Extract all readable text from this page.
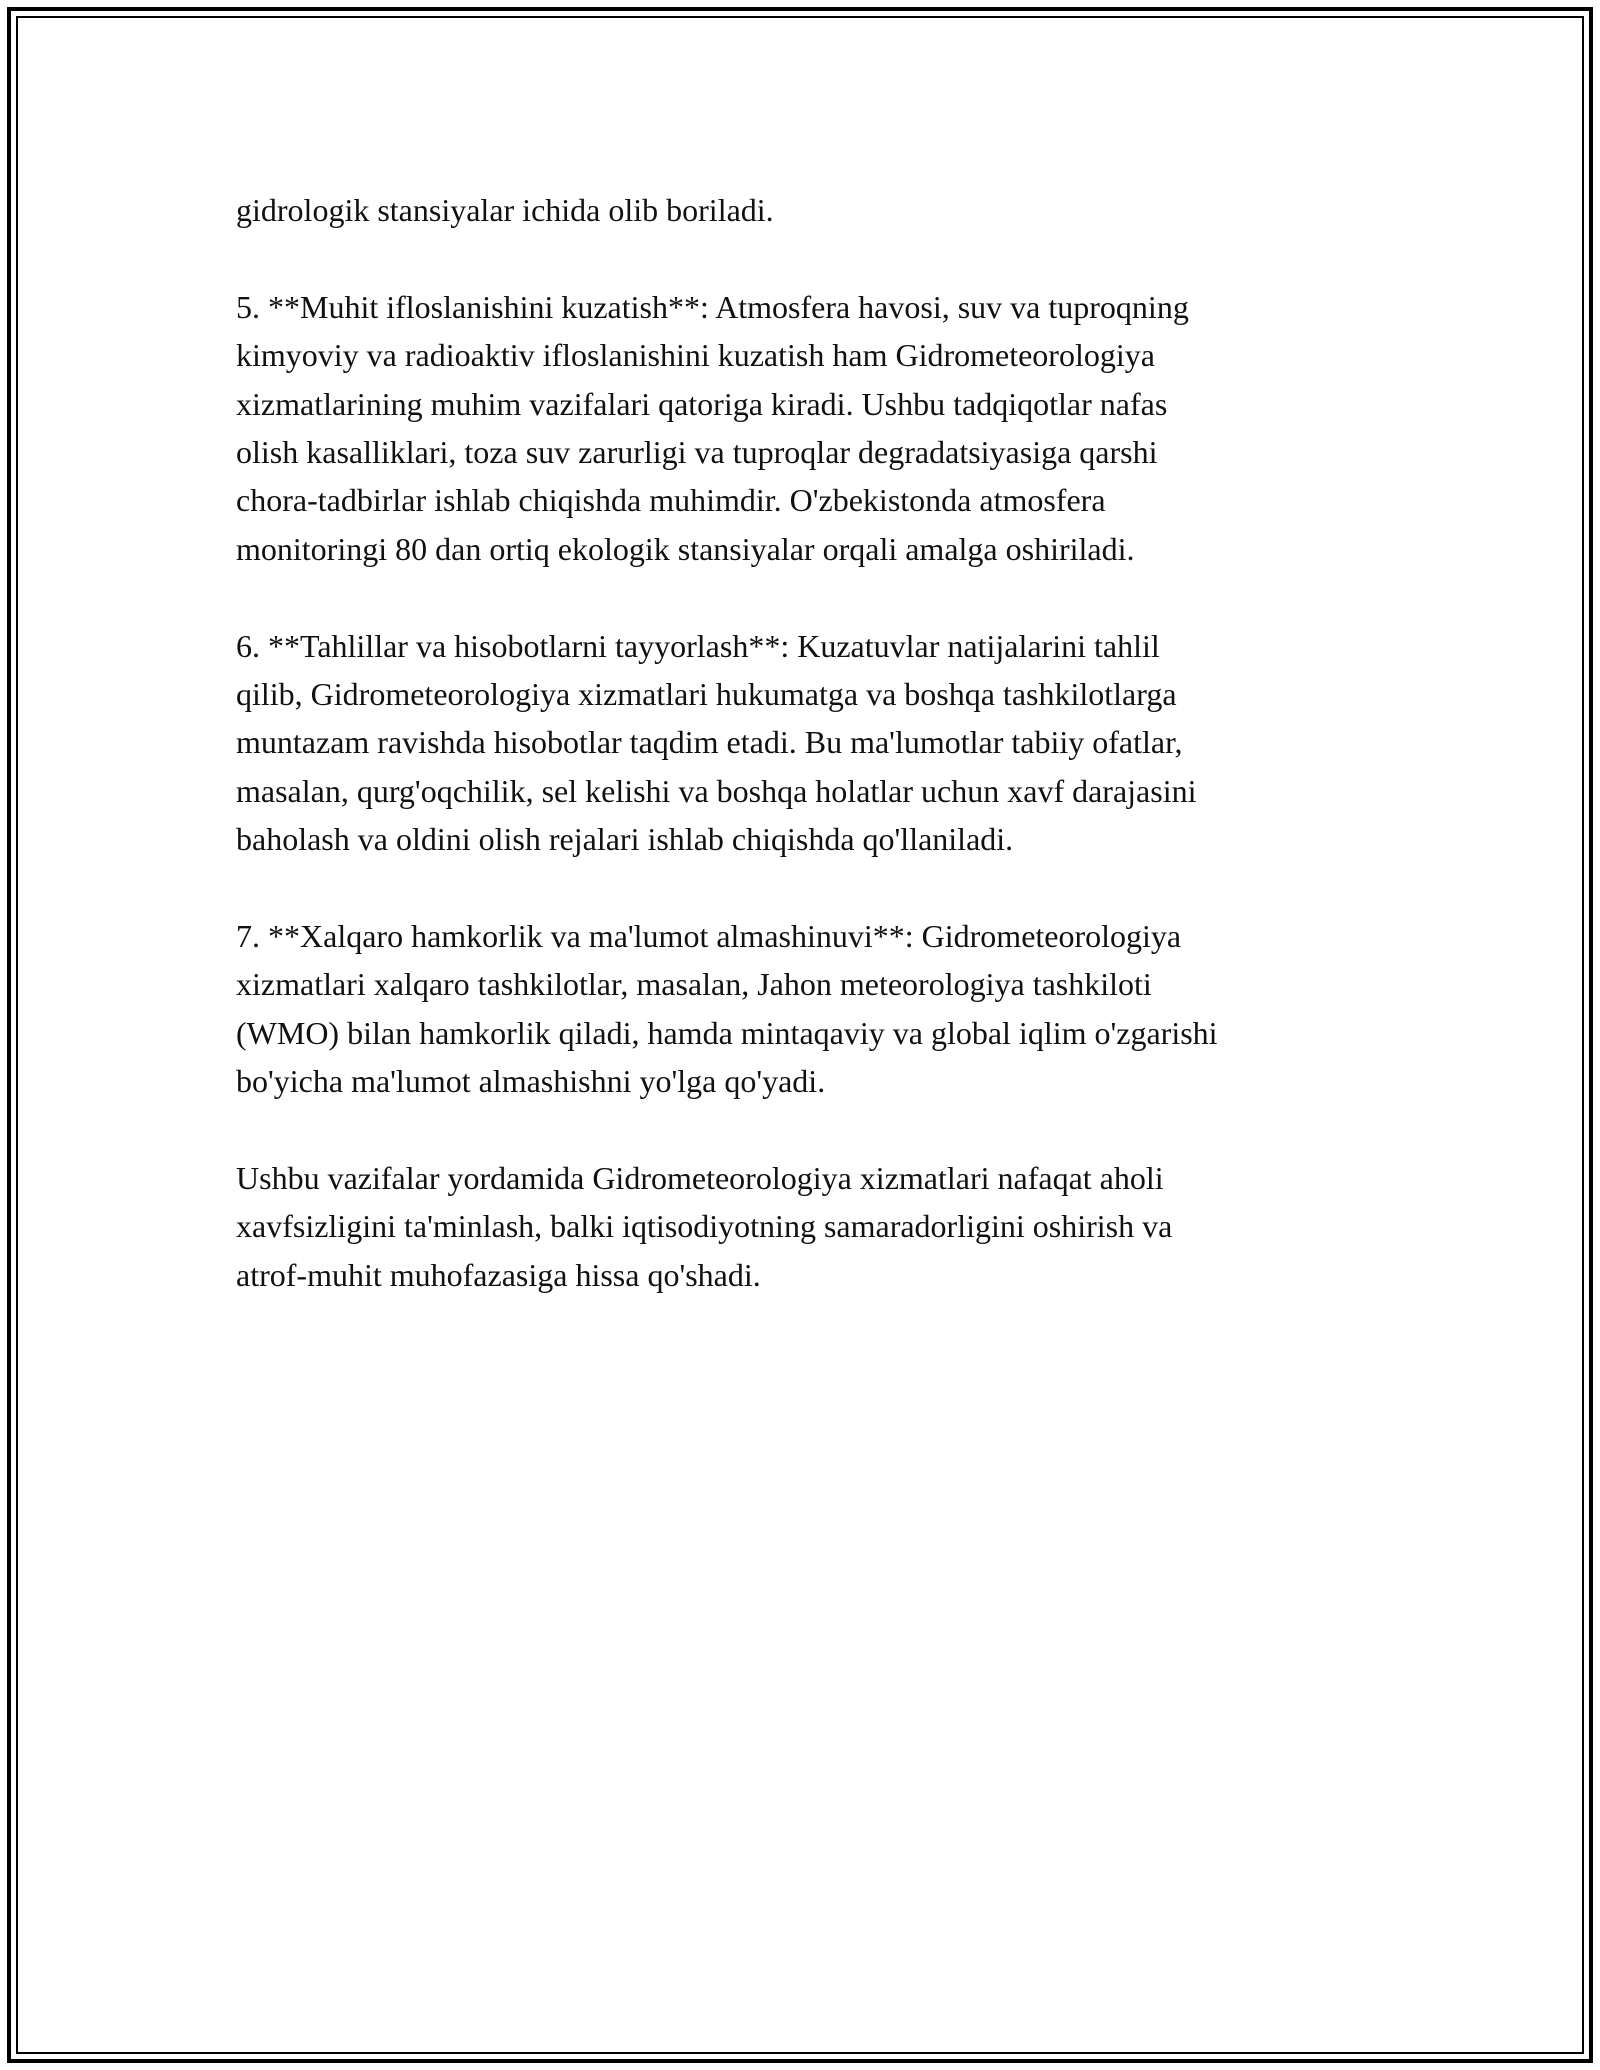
gidrologik stansiyalar ichida olib boriladi.

5. **Muhit ifloslanishini kuzatish**: Atmosfera havosi, suv va tuproqning
kimyoviy va radioaktiv ifloslanishini kuzatish ham Gidrometeorologiya
xizmatlarining muhim vazifalari qatoriga kiradi. Ushbu tadqiqotlar nafas
olish kasalliklari, toza suv zarurligi va tuproqlar degradatsiyasiga qarshi
chora-tadbirlar ishlab chiqishda muhimdir. O'zbekistonda atmosfera
monitoringi 80 dan ortiq ekologik stansiyalar orqali amalga oshiriladi.

6. **Tahlillar va hisobotlarni tayyorlash**: Kuzatuvlar natijalarini tahlil
qilib, Gidrometeorologiya xizmatlari hukumatga va boshqa tashkilotlarga
muntazam ravishda hisobotlar taqdim etadi. Bu ma'lumotlar tabiiy ofatlar,
masalan, qurg'oqchilik, sel kelishi va boshqa holatlar uchun xavf darajasini
baholash va oldini olish rejalari ishlab chiqishda qo'llaniladi.

7. **Xalqaro hamkorlik va ma'lumot almashinuvi**: Gidrometeorologiya
xizmatlari xalqaro tashkilotlar, masalan, Jahon meteorologiya tashkiloti
(WMO) bilan hamkorlik qiladi, hamda mintaqaviy va global iqlim o'zgarishi
bo'yicha ma'lumot almashishni yo'lga qo'yadi.

Ushbu vazifalar yordamida Gidrometeorologiya xizmatlari nafaqat aholi
xavfsizligini ta'minlash, balki iqtisodiyotning samaradorligini oshirish va
atrof-muhit muhofazasiga hissa qo'shadi.
